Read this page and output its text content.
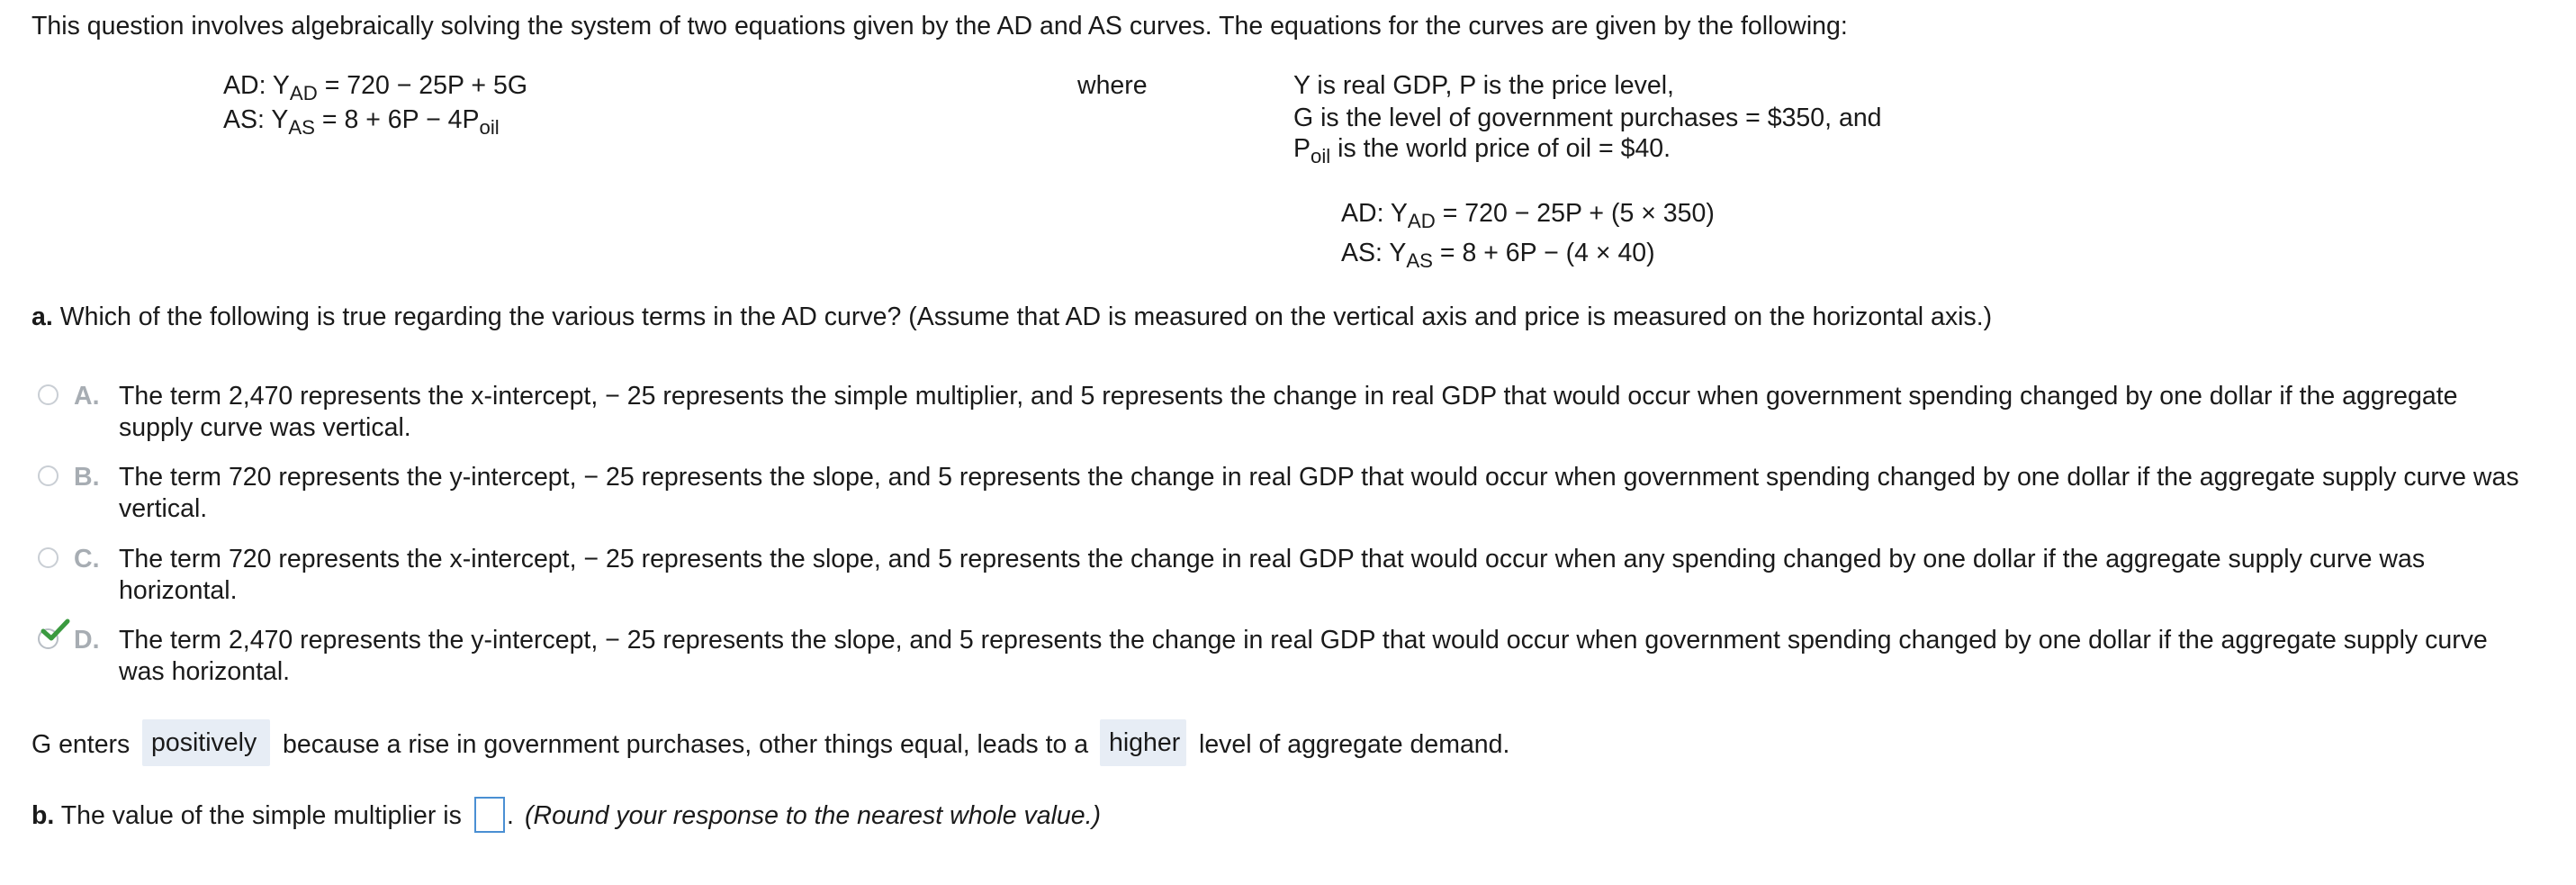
This question involves algebraically solving the system of two equations given by the AD and AS curves. The equations for the curves are given by the following:
AD: $Y_{AD} = 720 - 25P + 5G$
AS: $Y_{AS} = 8 + 6P - 4P_{oil}$
where	Y is real GDP, P is the price level,
G is the level of government purchases = $350, and
$P_{oil}$ is the world price of oil = $40.
AD: $Y_{AD} = 720 - 25P + (5 \times 350)$
AS: $Y_{AS} = 8 + 6P - (4 \times 40)$
a. Which of the following is true regarding the various terms in the AD curve? (Assume that AD is measured on the vertical axis and price is measured on the horizontal axis.)
A. The term 2,470 represents the x-intercept, − 25 represents the simple multiplier, and 5 represents the change in real GDP that would occur when government spending changed by one dollar if the aggregate
supply curve was vertical.
B. The term 720 represents the y-intercept, − 25 represents the slope, and 5 represents the change in real GDP that would occur when government spending changed by one dollar if the aggregate supply curve was
vertical.
C. The term 720 represents the x-intercept, − 25 represents the slope, and 5 represents the change in real GDP that would occur when any spending changed by one dollar if the aggregate supply curve was
horizontal.
D. The term 2,470 represents the y-intercept, − 25 represents the slope, and 5 represents the change in real GDP that would occur when government spending changed by one dollar if the aggregate supply curve
was horizontal.
G enters positively	because a rise in government purchases, other things equal, leads to a higher level of aggregate demand.
b. The value of the simple multiplier is . (Round your response to the nearest whole value.)
